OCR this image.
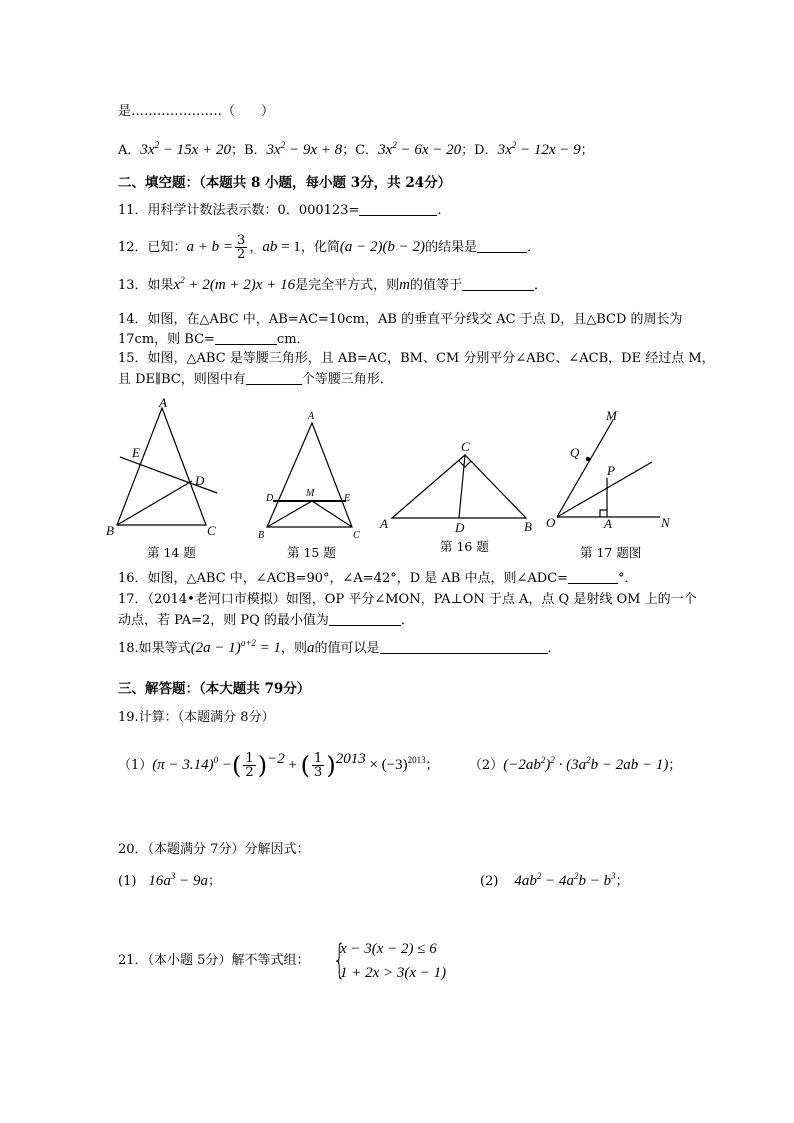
是…………………（　　）
A．$3x^2 - 15x + 20$；B．$3x^2 - 9x + 8$；C．$3x^2 - 6x - 20$；D．$3x^2 - 12x - 9$；
二、填空题：（本题共 8 小题，每小题 3分，共 24分）
11．用科学计数法表示数：0．000123=	．
12．已知：$a + b = \frac{3}{2}$ ，ab = 1，化简(a − 2)(b − 2)的结果是	．
13．如果$x^2 + 2(m + 2)x + 16$是完全平方式，则m的值等于	．
14．如图，在△ABC 中，AB=AC=10cm，AB 的垂直平分线交 AC 于点 D，且△BCD 的周长为
17cm，则 BC=	cm．
15．如图，△ABC 是等腰三角形，且 AB=AC，BM、CM 分别平分∠ABC、∠ACB，DE 经过点 M，
且 DE∥BC，则图中有	个等腰三角形．
A
B	C
D
E
第 14 题
A
B	C
D	E
M
第 15 题
A	B
C
D
第 16 题
M
Q
P
O	A	N
第 17 题图
16．如图，△ABC 中，∠ACB=90°，∠A=42°，D 是 AB 中点，则∠ADC=	°．
17．（2014•老河口市模拟）如图，OP 平分∠MON，PA⊥ON 于点 A，点 Q 是射线 OM 上的一个
动点，若 PA=2，则 PQ 的最小值为	．
18.如果等式$(2a - 1)^{a+2} = 1$，则a的值可以是	．
三、解答题：（本大题共 79分）
19.计算：（本题满分 8分）
$(1)(\pi - 3.14)^0$ −( $\frac{1}{2} )^{-2}$ + ( $\frac{1}{3} )^{2013} \times (-3)^{2013}$； $(2)(-2ab^2)^2 \cdot (3a^2b - 2ab - 1)$；
20．（本题满分 7分）分解因式：
(1) $16a^3 - 9a$；	(2) $4ab^2 - 4a^2b - b^3$；
21．（本小题 5分）解不等式组： {
x − 3(x − 2) ≤ 6
1 + 2x > 3(x − 1)
